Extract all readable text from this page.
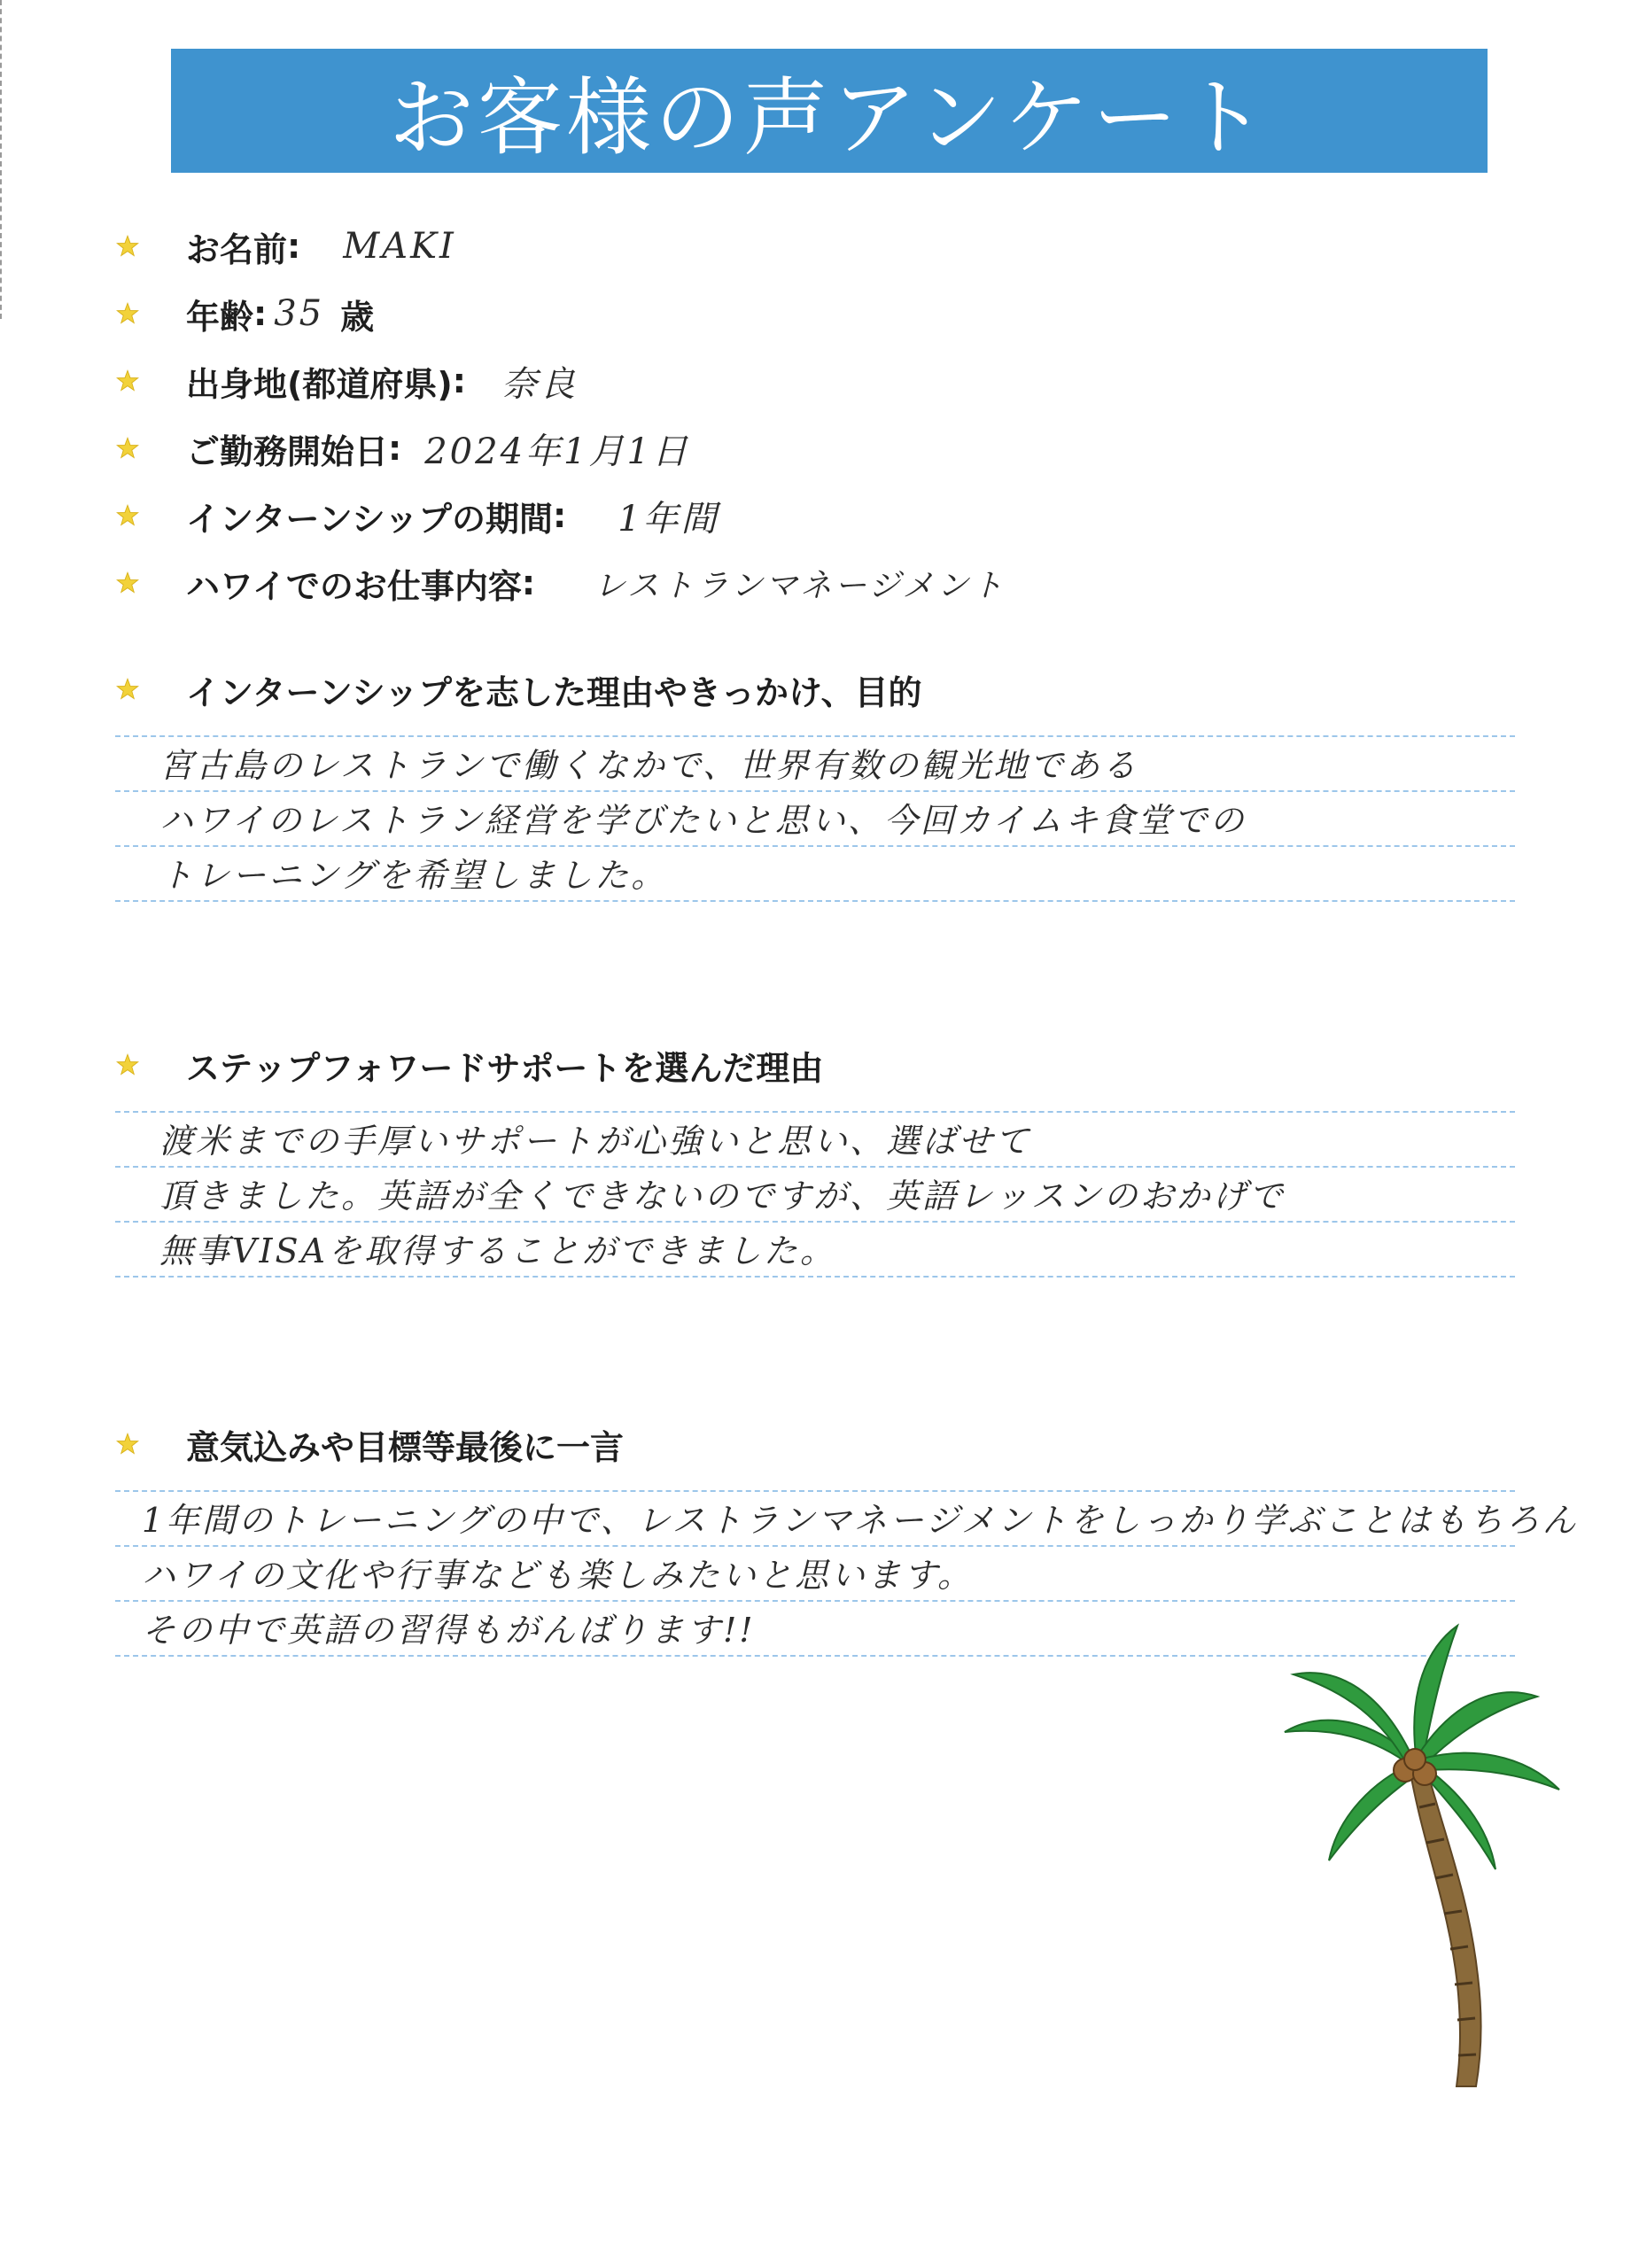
お客様の声アンケート
お名前 : MAKI
年齢 : 35 歳
出身地(都道府県) : 奈良
ご勤務開始日 : 2024年1月1日
インターンシップの期間 : 1年間
ハワイでのお仕事内容 : レストランマネージメント
インターンシップを志した理由やきっかけ、目的
宮古島のレストランで働くなかで、世界有数の観光地である
ハワイのレストラン経営を学びたいと思い、今回カイムキ食堂での
トレーニングを希望しました。
ステップフォワードサポートを選んだ理由
渡米までの手厚いサポートが心強いと思い、選ばせて
頂きました。英語が全くできないのですが、英語レッスンのおかげで
無事VISAを取得することができました。
意気込みや目標等最後に一言
1年間のトレーニングの中で、レストランマネージメントをしっかり学ぶことはもちろん
ハワイの文化や行事なども楽しみたいと思います。
その中で英語の習得もがんばります!!
